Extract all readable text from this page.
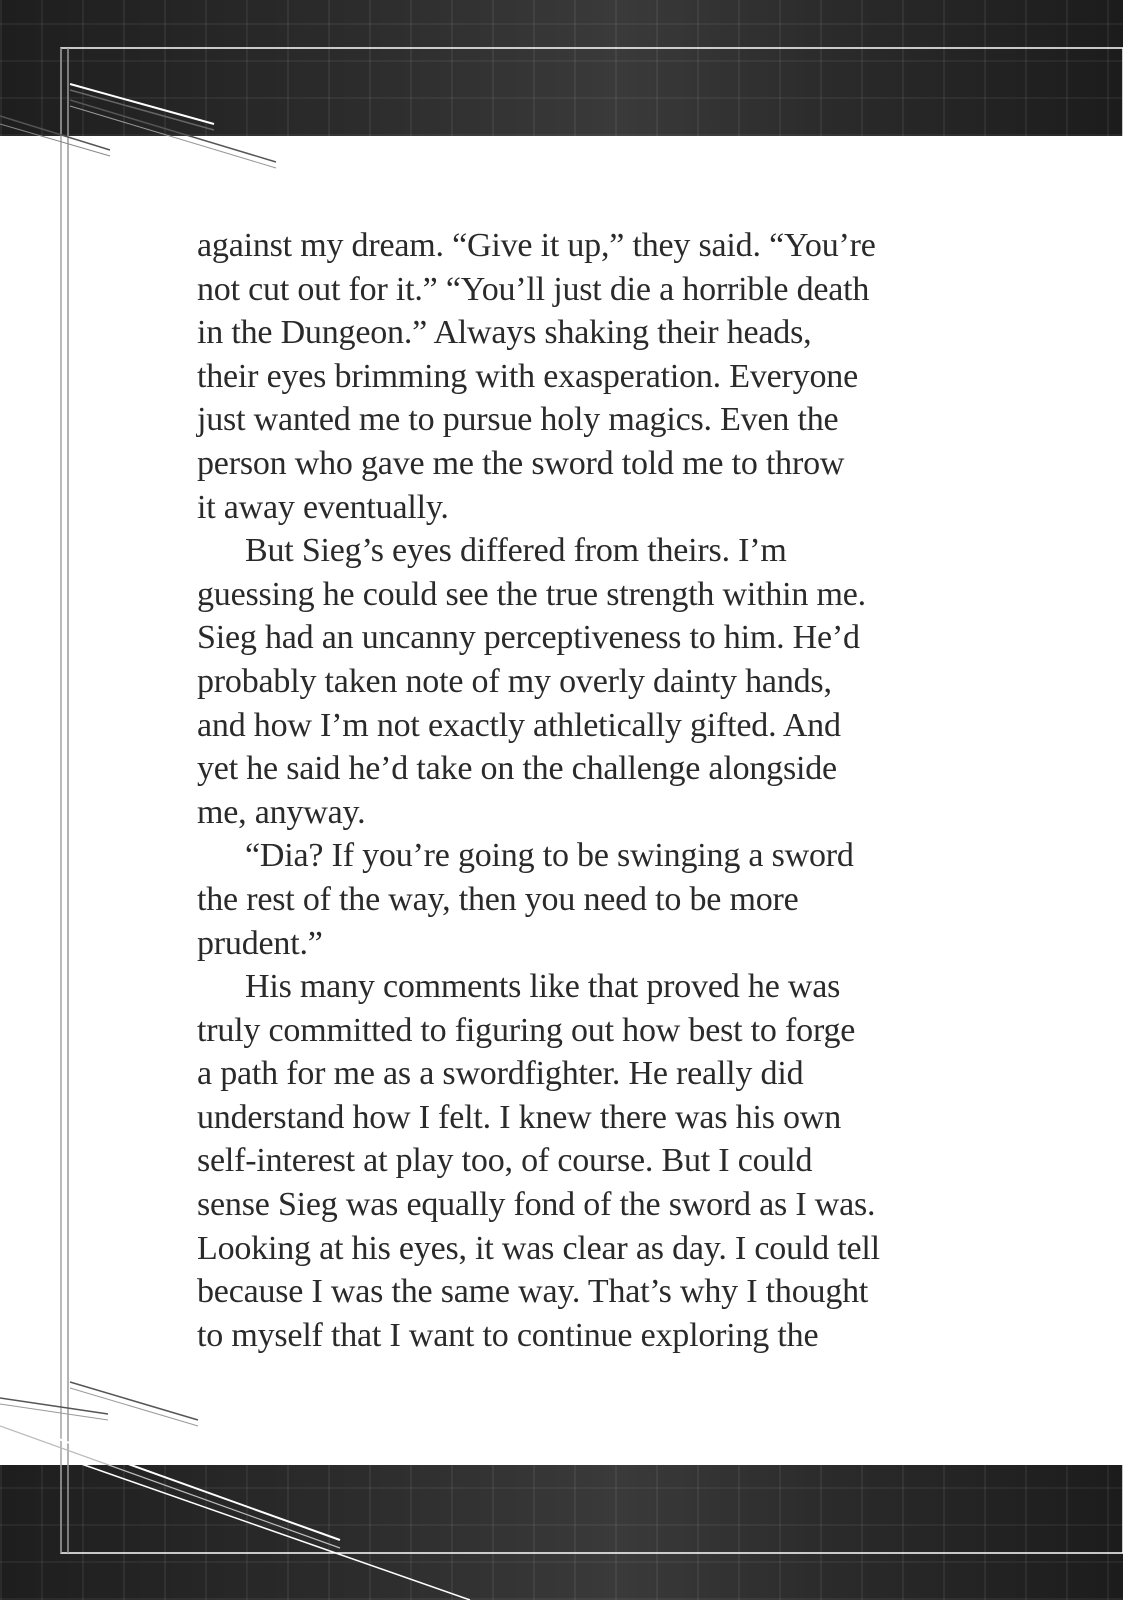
against my dream. “Give it up,” they said. “You’re
not cut out for it.” “You’ll just die a horrible death
in the Dungeon.” Always shaking their heads,
their eyes brimming with exasperation. Everyone
just wanted me to pursue holy magics. Even the
person who gave me the sword told me to throw
it away eventually.
But Sieg’s eyes differed from theirs. I’m
guessing he could see the true strength within me.
Sieg had an uncanny perceptiveness to him. He’d
probably taken note of my overly dainty hands,
and how I’m not exactly athletically gifted. And
yet he said he’d take on the challenge alongside
me, anyway.
“Dia? If you’re going to be swinging a sword
the rest of the way, then you need to be more
prudent.”
His many comments like that proved he was
truly committed to figuring out how best to forge
a path for me as a swordfighter. He really did
understand how I felt. I knew there was his own
self-interest at play too, of course. But I could
sense Sieg was equally fond of the sword as I was.
Looking at his eyes, it was clear as day. I could tell
because I was the same way. That’s why I thought
to myself that I want to continue exploring the
